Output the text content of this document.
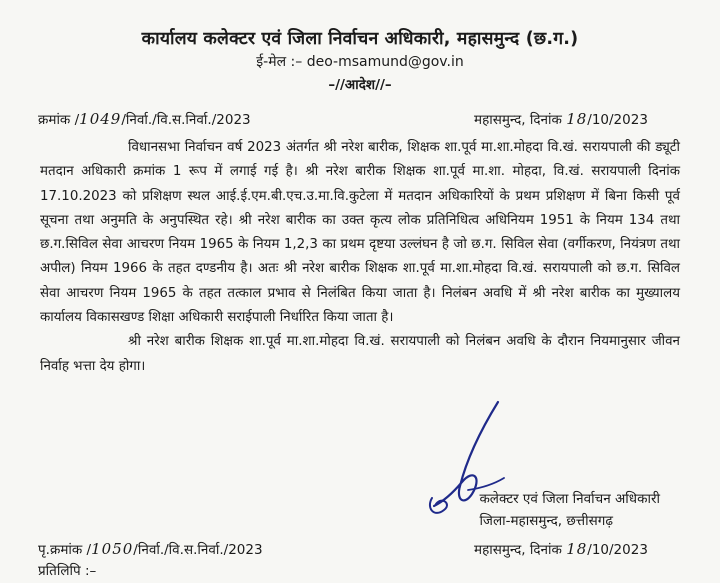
कार्यालय कलेक्टर एवं जिला निर्वाचन अधिकारी, महासमुन्द (छ.ग.)
ई-मेल :– deo-msamund@gov.in
–//आदेश//–
क्रमांक /1049/निर्वा./वि.स.निर्वा./2023	महासमुन्द, दिनांक 18/10/2023

विधानसभा निर्वाचन वर्ष 2023 अंतर्गत श्री नरेश बारीक, शिक्षक शा.पूर्व मा.शा.मोहदा वि.खं. सरायपाली की ड्यूटी मतदान अधिकारी क्रमांक 1 रूप में लगाई गई है। श्री नरेश बारीक शिक्षक शा.पूर्व मा.शा. मोहदा, वि.खं. सरायपाली दिनांक 17.10.2023 को प्रशिक्षण स्थल आई.ई.एम.बी.एच.उ.मा.वि.कुटेला में मतदान अधिकारियों के प्रथम प्रशिक्षण में बिना किसी पूर्व सूचना तथा अनुमति के अनुपस्थित रहे। श्री नरेश बारीक का उक्त कृत्य लोक प्रतिनिधित्व अधिनियम 1951 के नियम 134 तथा छ.ग.सिविल सेवा आचरण नियम 1965 के नियम 1,2,3 का प्रथम दृष्टया उल्लंघन है जो छ.ग. सिविल सेवा (वर्गीकरण, नियंत्रण तथा अपील) नियम 1966 के तहत दण्डनीय है। अतः श्री नरेश बारीक शिक्षक शा.पूर्व मा.शा.मोहदा वि.खं. सरायपाली को छ.ग. सिविल सेवा आचरण नियम 1965 के तहत तत्काल प्रभाव से निलंबित किया जाता है। निलंबन अवधि में श्री नरेश बारीक का मुख्यालय कार्यालय विकासखण्ड शिक्षा अधिकारी सराईपाली निर्धारित किया जाता है।

श्री नरेश बारीक शिक्षक शा.पूर्व मा.शा.मोहदा वि.खं. सरायपाली को निलंबन अवधि के दौरान नियमानुसार जीवन निर्वाह भत्ता देय होगा।

कलेक्टर एवं जिला निर्वाचन अधिकारी
जिला-महासमुन्द, छत्तीसगढ़
पृ.क्रमांक /1050/निर्वा./वि.स.निर्वा./2023	महासमुन्द, दिनांक 18/10/2023
प्रतिलिपि :–
